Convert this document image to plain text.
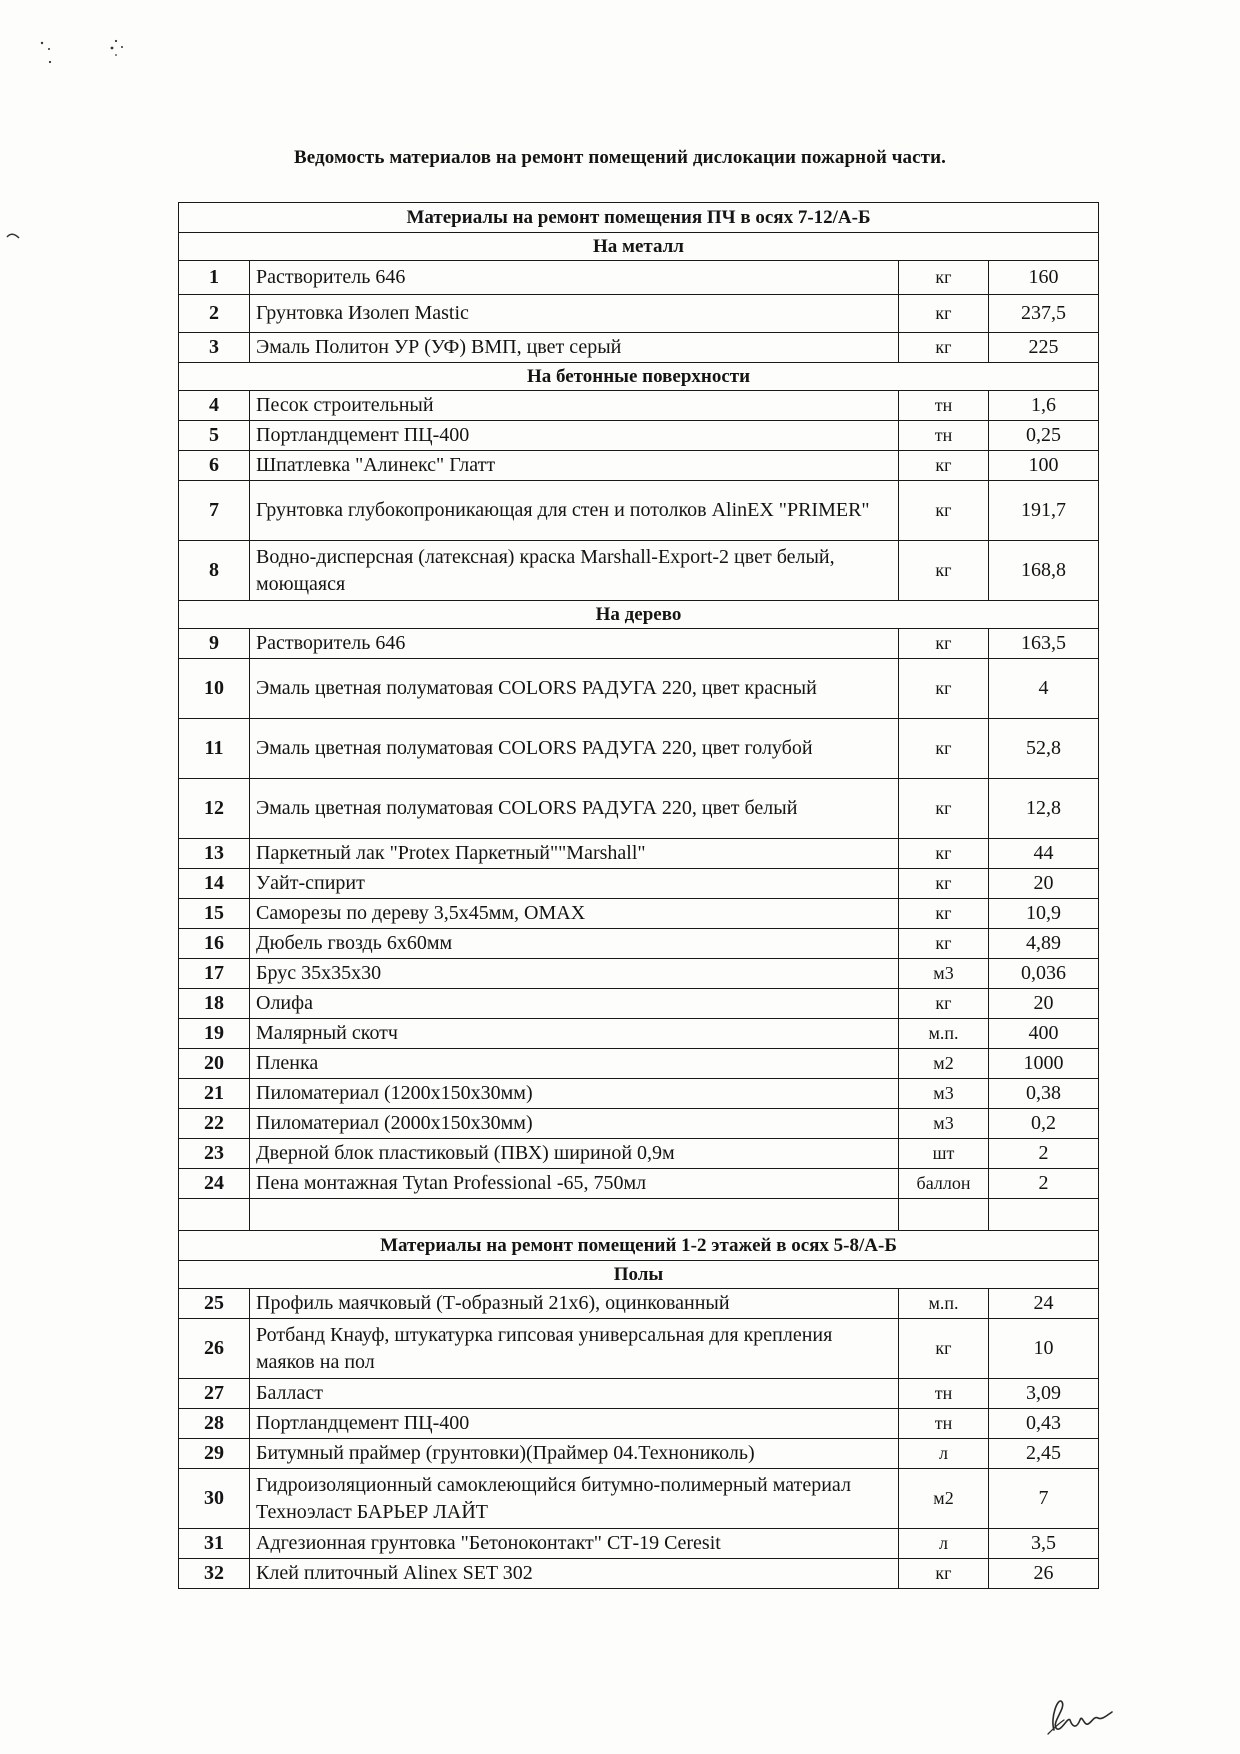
Ведомость материалов на ремонт помещений дислокации пожарной части.
Материалы на ремонт помещения ПЧ в осях 7-12/А-Б			
На металл			
1	Растворитель 646	кг	160
2	Грунтовка Изолеп Mastic	кг	237,5
3	Эмаль Политон УР (УФ) ВМП, цвет серый	кг	225
На бетонные поверхности			
4	Песок строительный	тн	1,6
5	Портландцемент ПЦ-400	тн	0,25
6	Шпатлевка "Алинекс" Глатт	кг	100
7	Грунтовка глубокопроникающая для стен и потолков AlinEX "PRIMER"	кг	191,7
8	Водно-дисперсная (латексная) краска Marshall-Export-2 цвет белый, моющаяся	кг	168,8
На дерево			
9	Растворитель 646	кг	163,5
10	Эмаль цветная полуматовая COLORS РАДУГА 220, цвет красный	кг	4
11	Эмаль цветная полуматовая COLORS РАДУГА 220, цвет голубой	кг	52,8
12	Эмаль цветная полуматовая COLORS РАДУГА 220, цвет белый	кг	12,8
13	Паркетный лак "Protex Паркетный""Marshall"	кг	44
14	Уайт-спирит	кг	20
15	Саморезы по дереву 3,5х45мм, OMAX	кг	10,9
16	Дюбель гвоздь 6х60мм	кг	4,89
17	Брус 35х35х30	м3	0,036
18	Олифа	кг	20
19	Малярный скотч	м.п.	400
20	Пленка	м2	1000
21	Пиломатериал (1200х150х30мм)	м3	0,38
22	Пиломатериал (2000х150х30мм)	м3	0,2
23	Дверной блок пластиковый (ПВХ) шириной 0,9м	шт	2
24	Пена монтажная Tytan Professional -65, 750мл	баллон	2

Материалы на ремонт помещений 1-2 этажей в осях 5-8/А-Б			
Полы			
25	Профиль маячковый (Т-образный 21х6), оцинкованный	м.п.	24
26	Ротбанд Кнауф, штукатурка гипсовая универсальная для крепления маяков на пол	кг	10
27	Балласт	тн	3,09
28	Портландцемент ПЦ-400	тн	0,43
29	Битумный праймер (грунтовки)(Праймер 04.Технониколь)	л	2,45
30	Гидроизоляционный самоклеющийся битумно-полимерный материал Техноэласт БАРЬЕР ЛАЙТ	м2	7
31	Адгезионная грунтовка "Бетоноконтакт" СТ-19 Ceresit	л	3,5
32	Клей плиточный Alinex SET 302	кг	26
